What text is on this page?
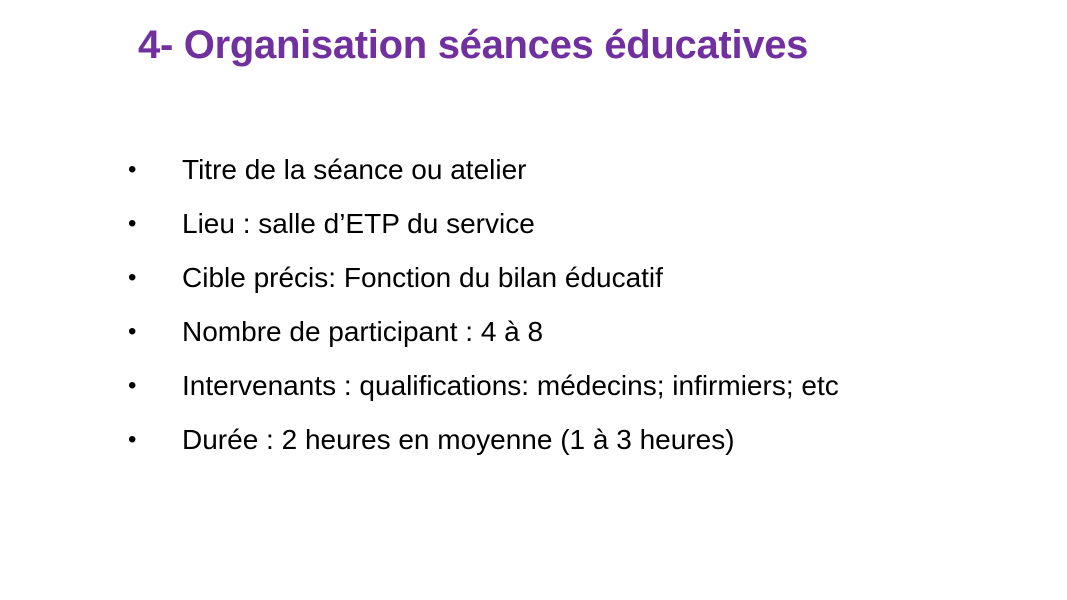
4- Organisation séances éducatives
• Titre de la séance ou atelier
• Lieu : salle d’ETP du service
• Cible précis: Fonction du bilan éducatif
• Nombre de participant : 4 à 8
• Intervenants : qualifications: médecins; infirmiers; etc
• Durée : 2 heures en moyenne (1 à 3 heures)
